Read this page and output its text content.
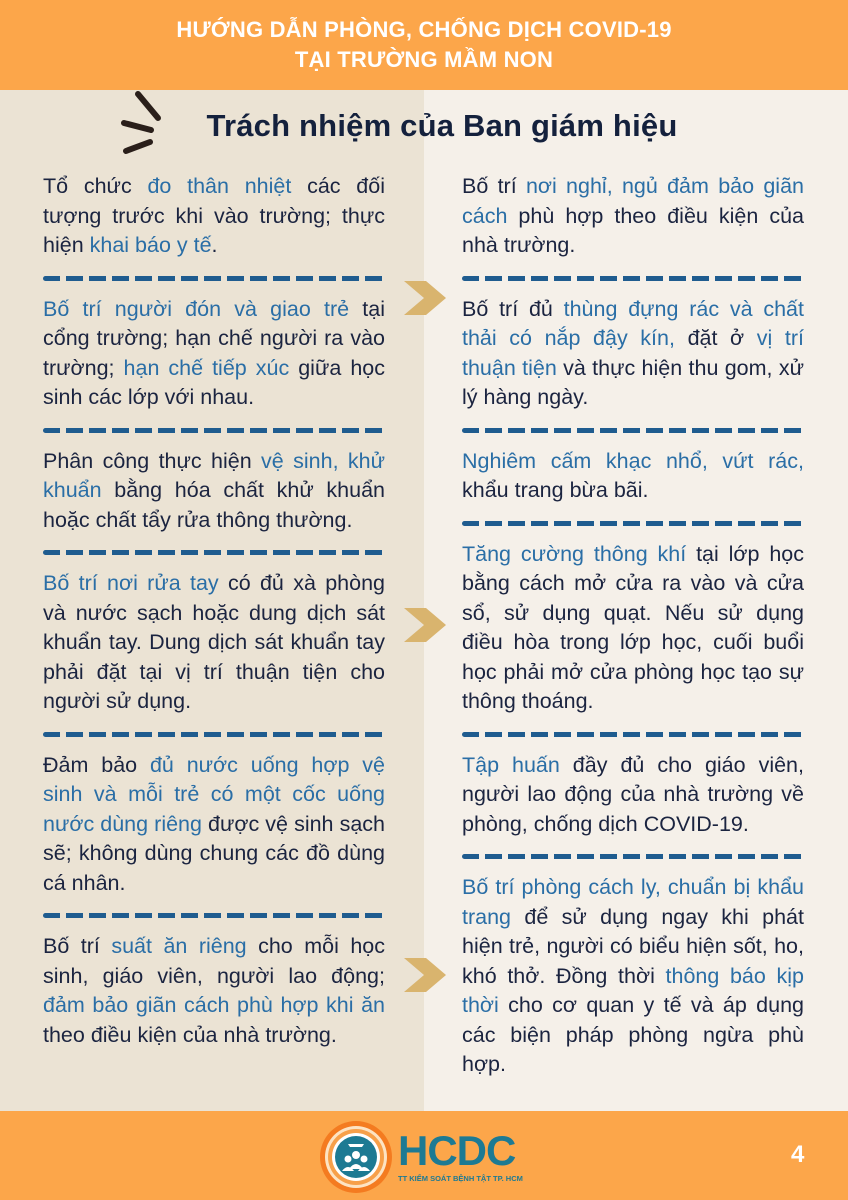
HƯỚNG DẪN PHÒNG, CHỐNG DỊCH COVID-19
TẠI TRƯỜNG MẦM NON
Trách nhiệm của Ban giám hiệu
Tổ chức đo thân nhiệt các đối tượng trước khi vào trường; thực hiện khai báo y tế.
Bố trí người đón và giao trẻ tại cổng trường; hạn chế người ra vào trường; hạn chế tiếp xúc giữa học sinh các lớp với nhau.
Phân công thực hiện vệ sinh, khử khuẩn bằng hóa chất khử khuẩn hoặc chất tẩy rửa thông thường.
Bố trí nơi rửa tay có đủ xà phòng và nước sạch hoặc dung dịch sát khuẩn tay. Dung dịch sát khuẩn tay phải đặt tại vị trí thuận tiện cho người sử dụng.
Đảm bảo đủ nước uống hợp vệ sinh và mỗi trẻ có một cốc uống nước dùng riêng được vệ sinh sạch sẽ; không dùng chung các đồ dùng cá nhân.
Bố trí suất ăn riêng cho mỗi học sinh, giáo viên, người lao động; đảm bảo giãn cách phù hợp khi ăn theo điều kiện của nhà trường.
Bố trí nơi nghỉ, ngủ đảm bảo giãn cách phù hợp theo điều kiện của nhà trường.
Bố trí đủ thùng đựng rác và chất thải có nắp đậy kín, đặt ở vị trí thuận tiện và thực hiện thu gom, xử lý hàng ngày.
Nghiêm cấm khạc nhổ, vứt rác, khẩu trang bừa bãi.
Tăng cường thông khí tại lớp học bằng cách mở cửa ra vào và cửa sổ, sử dụng quạt. Nếu sử dụng điều hòa trong lớp học, cuối buổi học phải mở cửa phòng học tạo sự thông thoáng.
Tập huấn đầy đủ cho giáo viên, người lao động của nhà trường về phòng, chống dịch COVID-19.
Bố trí phòng cách ly, chuẩn bị khẩu trang để sử dụng ngay khi phát hiện trẻ, người có biểu hiện sốt, ho, khó thở. Đồng thời thông báo kịp thời cho cơ quan y tế và áp dụng các biện pháp phòng ngừa phù hợp.
HCDC
TT KIỂM SOÁT BỆNH TẬT TP. HCM
4
